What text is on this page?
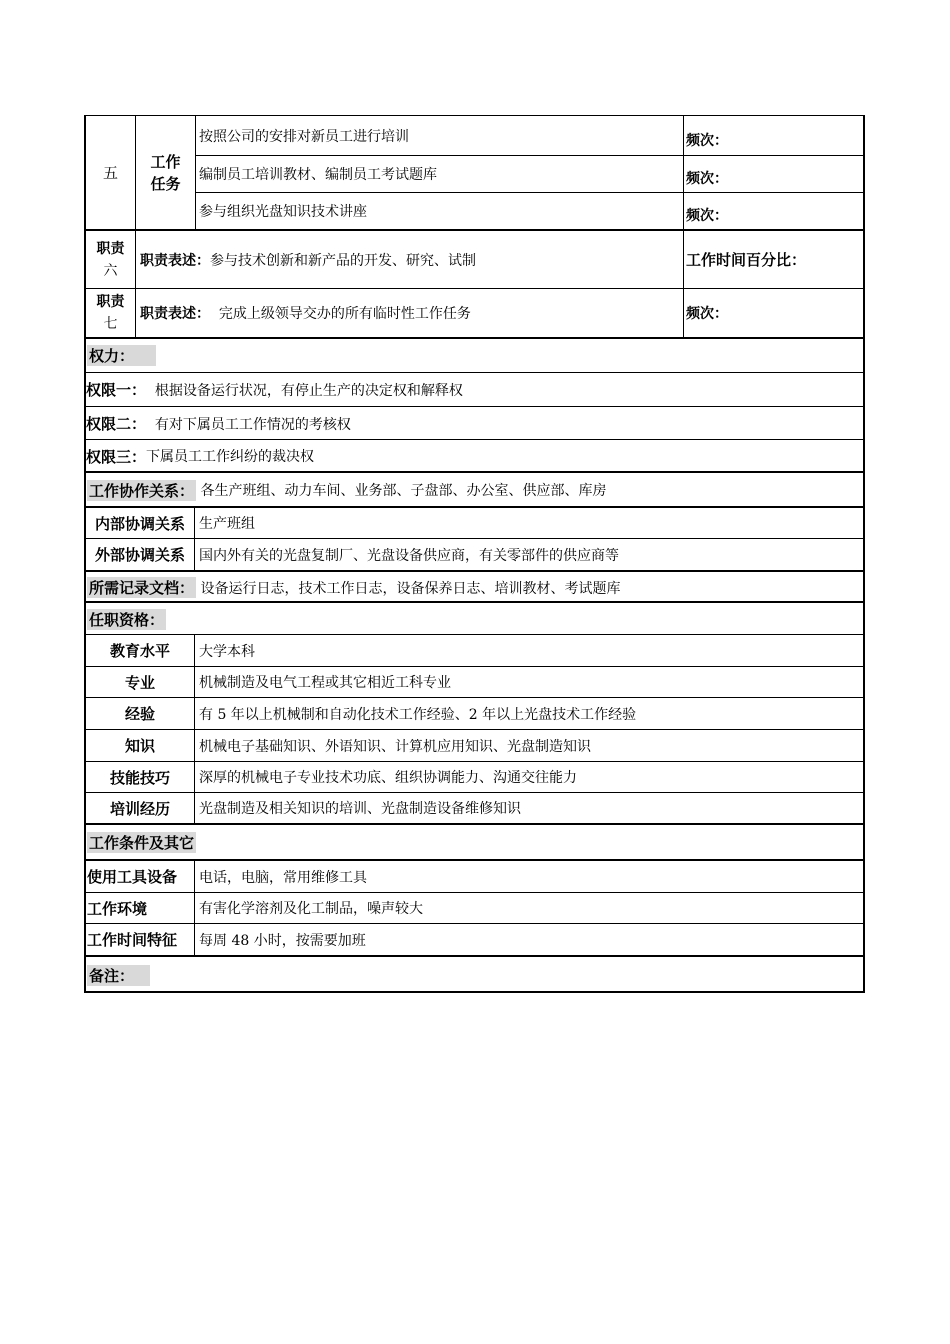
五
工作
任务
按照公司的安排对新员工进行培训	频次：
编制员工培训教材、编制员工考试题库	频次：
参与组织光盘知识技术讲座	频次：
职责
六
职责表述： 参与技术创新和新产品的开发、研究、试制	工作时间百分比：
职责
七
职责表述： 完成上级领导交办的所有临时性工作任务	频次：
权力：
权限一： 根据设备运行状况，有停止生产的决定权和解释权
权限二： 有对下属员工工作情况的考核权
权限三： 下属员工工作纠纷的裁决权
工作协作关系： 各生产班组、动力车间、业务部、子盘部、办公室、供应部、库房
内部协调关系 生产班组
外部协调关系 国内外有关的光盘复制厂、光盘设备供应商，有关零部件的供应商等
所需记录文档： 设备运行日志，技术工作日志，设备保养日志、培训教材、考试题库
任职资格：
教育水平 大学本科
专业	机械制造及电气工程或其它相近工科专业
经验	有 5 年以上机械制和自动化技术工作经验、2 年以上光盘技术工作经验
知识	机械电子基础知识、外语知识、计算机应用知识、光盘制造知识
技能技巧 深厚的机械电子专业技术功底、组织协调能力、沟通交往能力
培训经历 光盘制造及相关知识的培训、光盘制造设备维修知识
工作条件及其它
使用工具设备 电话，电脑，常用维修工具
工作环境	有害化学溶剂及化工制品，噪声较大
工作时间特征 每周 48 小时，按需要加班
备注：
